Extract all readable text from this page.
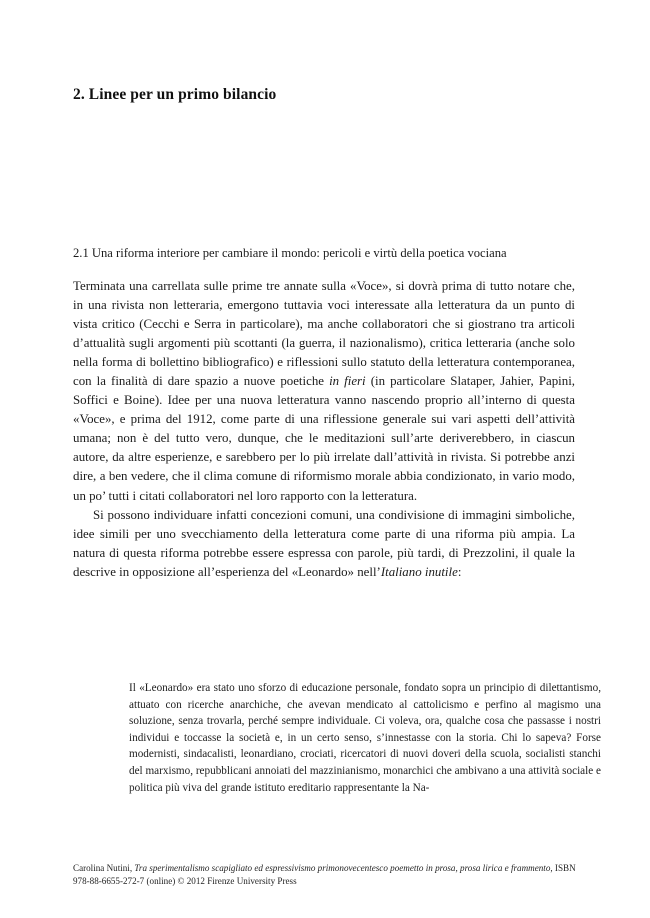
2. Linee per un primo bilancio
2.1 Una riforma interiore per cambiare il mondo: pericoli e virtù della poetica vociana

Terminata una carrellata sulle prime tre annate sulla «Voce», si dovrà prima di tutto notare che, in una rivista non letteraria, emergono tuttavia voci interessate alla letteratura da un punto di vista critico (Cecchi e Serra in particolare), ma anche collaboratori che si giostrano tra articoli d’attualità sugli argomenti più scottanti (la guerra, il nazionalismo), critica letteraria (anche solo nella forma di bollettino bibliografico) e riflessioni sullo statuto della letteratura contemporanea, con la finalità di dare spazio a nuove poetiche in fieri (in particolare Slataper, Jahier, Papini, Soffici e Boine). Idee per una nuova letteratura vanno nascendo proprio all’interno di questa «Voce», e prima del 1912, come parte di una riflessione generale sui vari aspetti dell’attività umana; non è del tutto vero, dunque, che le meditazioni sull’arte deriverebbero, in ciascun autore, da altre esperienze, e sarebbero per lo più irrelate dall’attività in rivista. Si potrebbe anzi dire, a ben vedere, che il clima comune di riformismo morale abbia condizionato, in vario modo, un po’ tutti i citati collaboratori nel loro rapporto con la letteratura.

Si possono individuare infatti concezioni comuni, una condivisione di immagini simboliche, idee simili per uno svecchiamento della letteratura come parte di una riforma più ampia. La natura di questa riforma potrebbe essere espressa con parole, più tardi, di Prezzolini, il quale la descrive in opposizione all’esperienza del «Leonardo» nell’Italiano inutile:

Il «Leonardo» era stato uno sforzo di educazione personale, fondato sopra un principio di dilettantismo, attuato con ricerche anarchiche, che avevan mendicato al cattolicismo e perfino al magismo una soluzione, senza trovarla, perché sempre individuale. Ci voleva, ora, qualche cosa che passasse i nostri individui e toccasse la società e, in un certo senso, s’innestasse con la storia. Chi lo sapeva? Forse modernisti, sindacalisti, leonardiano, crociati, ricercatori di nuovi doveri della scuola, socialisti stanchi del marxismo, repubblicani annoiati del mazzinianismo, monarchici che ambivano a una attività sociale e politica più viva del grande istituto ereditario rappresentante la Na-

Carolina Nutini, Tra sperimentalismo scapigliato ed espressivismo primonovecentesco poemetto in prosa, prosa lirica e frammento, ISBN 978-88-6655-272-7 (online) © 2012 Firenze University Press
